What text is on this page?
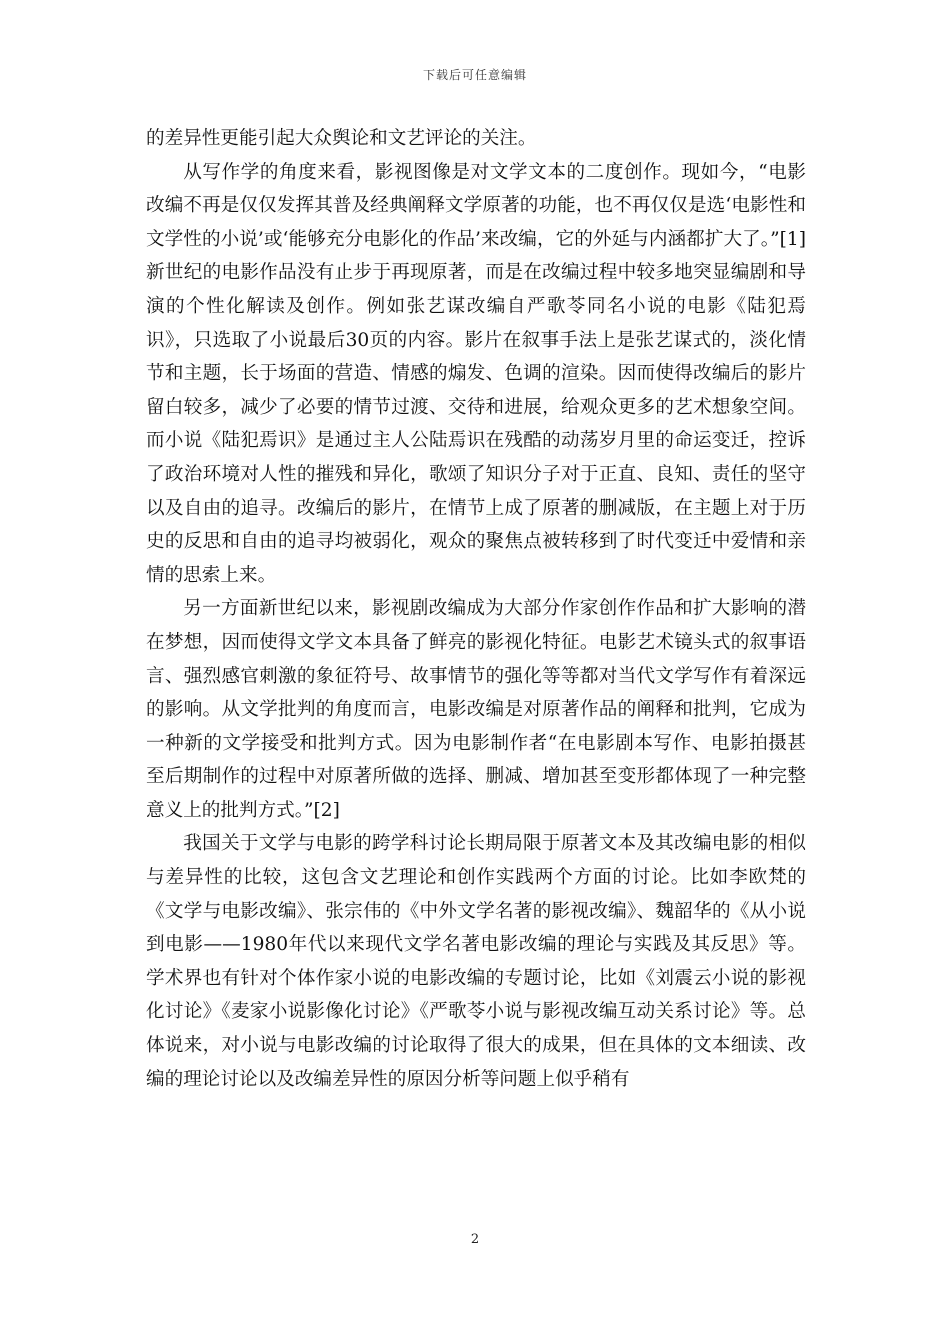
下载后可任意编辑

的差异性更能引起大众舆论和文艺评论的关注。

从写作学的角度来看，影视图像是对文学文本的二度创作。现如今，“电影改编不再是仅仅发挥其普及经典阐释文学原著的功能，也不再仅仅是选‘电影性和文学性的小说’或‘能够充分电影化的作品’来改编，它的外延与内涵都扩大了。”[1]新世纪的电影作品没有止步于再现原著，而是在改编过程中较多地突显编剧和导演的个性化解读及创作。例如张艺谋改编自严歌苓同名小说的电影《陆犯焉识》，只选取了小说最后30页的内容。影片在叙事手法上是张艺谋式的，淡化情节和主题，长于场面的营造、情感的煽发、色调的渲染。因而使得改编后的影片留白较多，减少了必要的情节过渡、交待和进展，给观众更多的艺术想象空间。而小说《陆犯焉识》是通过主人公陆焉识在残酷的动荡岁月里的命运变迁，控诉了政治环境对人性的摧残和异化，歌颂了知识分子对于正直、良知、责任的坚守以及自由的追寻。改编后的影片，在情节上成了原著的删减版，在主题上对于历史的反思和自由的追寻均被弱化，观众的聚焦点被转移到了时代变迁中爱情和亲情的思索上来。

另一方面新世纪以来，影视剧改编成为大部分作家创作作品和扩大影响的潜在梦想，因而使得文学文本具备了鲜亮的影视化特征。电影艺术镜头式的叙事语言、强烈感官刺激的象征符号、故事情节的强化等等都对当代文学写作有着深远的影响。从文学批判的角度而言，电影改编是对原著作品的阐释和批判，它成为一种新的文学接受和批判方式。因为电影制作者“在电影剧本写作、电影拍摄甚至后期制作的过程中对原著所做的选择、删减、增加甚至变形都体现了一种完整意义上的批判方式。”[2]

我国关于文学与电影的跨学科讨论长期局限于原著文本及其改编电影的相似与差异性的比较，这包含文艺理论和创作实践两个方面的讨论。比如李欧梵的《文学与电影改编》、张宗伟的《中外文学名著的影视改编》、魏韶华的《从小说到电影——1980年代以来现代文学名著电影改编的理论与实践及其反思》等。学术界也有针对个体作家小说的电影改编的专题讨论，比如《刘震云小说的影视化讨论》《麦家小说影像化讨论》《严歌苓小说与影视改编互动关系讨论》等。总体说来，对小说与电影改编的讨论取得了很大的成果，但在具体的文本细读、改编的理论讨论以及改编差异性的原因分析等问题上似乎稍有

2
